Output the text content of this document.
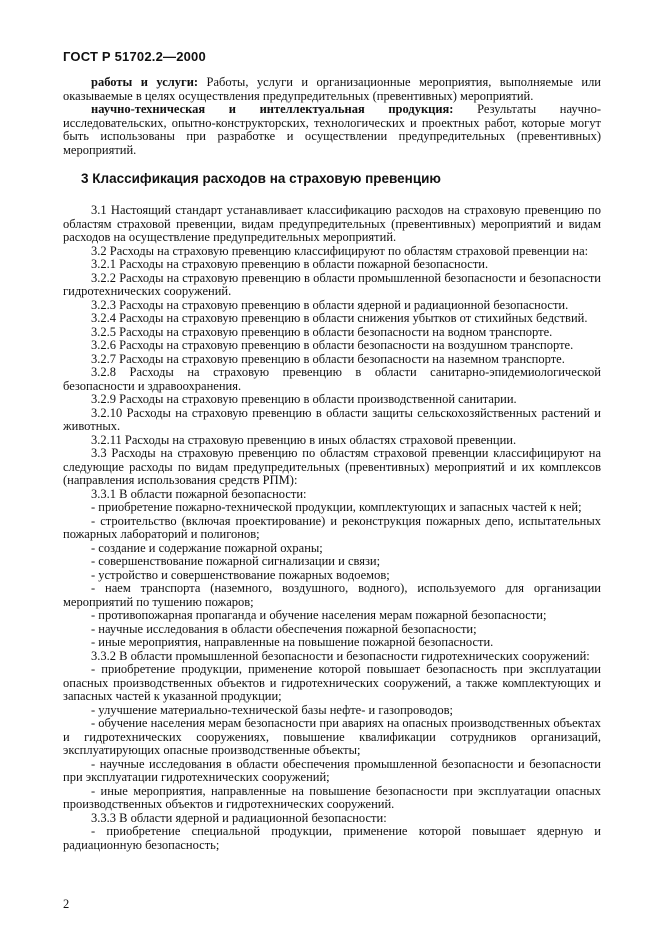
ГОСТ Р 51702.2—2000

работы и услуги: Работы, услуги и организационные мероприятия, выполняемые или оказываемые в целях осуществления предупредительных (превентивных) мероприятий.

научно-техническая и интеллектуальная продукция: Результаты научно-исследовательских, опытно-конструкторских, технологических и проектных работ, которые могут быть использованы при разработке и осуществлении предупредительных (превентивных) мероприятий.

3 Классификация расходов на страховую превенцию

3.1 Настоящий стандарт устанавливает классификацию расходов на страховую превенцию по областям страховой превенции, видам предупредительных (превентивных) мероприятий и видам расходов на осуществление предупредительных мероприятий.

3.2 Расходы на страховую превенцию классифицируют по областям страховой превенции на:

3.2.1 Расходы на страховую превенцию в области пожарной безопасности.

3.2.2 Расходы на страховую превенцию в области промышленной безопасности и безопасности гидротехнических сооружений.

3.2.3 Расходы на страховую превенцию в области ядерной и радиационной безопасности.

3.2.4 Расходы на страховую превенцию в области снижения убытков от стихийных бедствий.

3.2.5 Расходы на страховую превенцию в области безопасности на водном транспорте.

3.2.6 Расходы на страховую превенцию в области безопасности на воздушном транспорте.

3.2.7 Расходы на страховую превенцию в области безопасности на наземном транспорте.

3.2.8 Расходы на страховую превенцию в области санитарно-эпидемиологической безопасности и здравоохранения.

3.2.9 Расходы на страховую превенцию в области производственной санитарии.

3.2.10 Расходы на страховую превенцию в области защиты сельскохозяйственных растений и животных.

3.2.11 Расходы на страховую превенцию в иных областях страховой превенции.

3.3 Расходы на страховую превенцию по областям страховой превенции классифицируют на следующие расходы по видам предупредительных (превентивных) мероприятий и их комплексов (направления использования средств РПМ):

3.3.1 В области пожарной безопасности:

- приобретение пожарно-технической продукции, комплектующих и запасных частей к ней;

- строительство (включая проектирование) и реконструкция пожарных депо, испытательных пожарных лабораторий и полигонов;

- создание и содержание пожарной охраны;

- совершенствование пожарной сигнализации и связи;

- устройство и совершенствование пожарных водоемов;

- наем транспорта (наземного, воздушного, водного), используемого для организации мероприятий по тушению пожаров;

- противопожарная пропаганда и обучение населения мерам пожарной безопасности;

- научные исследования в области обеспечения пожарной безопасности;

- иные мероприятия, направленные на повышение пожарной безопасности.

3.3.2 В области промышленной безопасности и безопасности гидротехнических сооружений:

- приобретение продукции, применение которой повышает безопасность при эксплуатации опасных производственных объектов и гидротехнических сооружений, а также комплектующих и запасных частей к указанной продукции;

- улучшение материально-технической базы нефте- и газопроводов;

- обучение населения мерам безопасности при авариях на опасных производственных объектах и гидротехнических сооружениях, повышение квалификации сотрудников организаций, эксплуатирующих опасные производственные объекты;

- научные исследования в области обеспечения промышленной безопасности и безопасности при эксплуатации гидротехнических сооружений;

- иные мероприятия, направленные на повышение безопасности при эксплуатации опасных производственных объектов и гидротехнических сооружений.

3.3.3 В области ядерной и радиационной безопасности:

- приобретение специальной продукции, применение которой повышает ядерную и радиационную безопасность;

2
